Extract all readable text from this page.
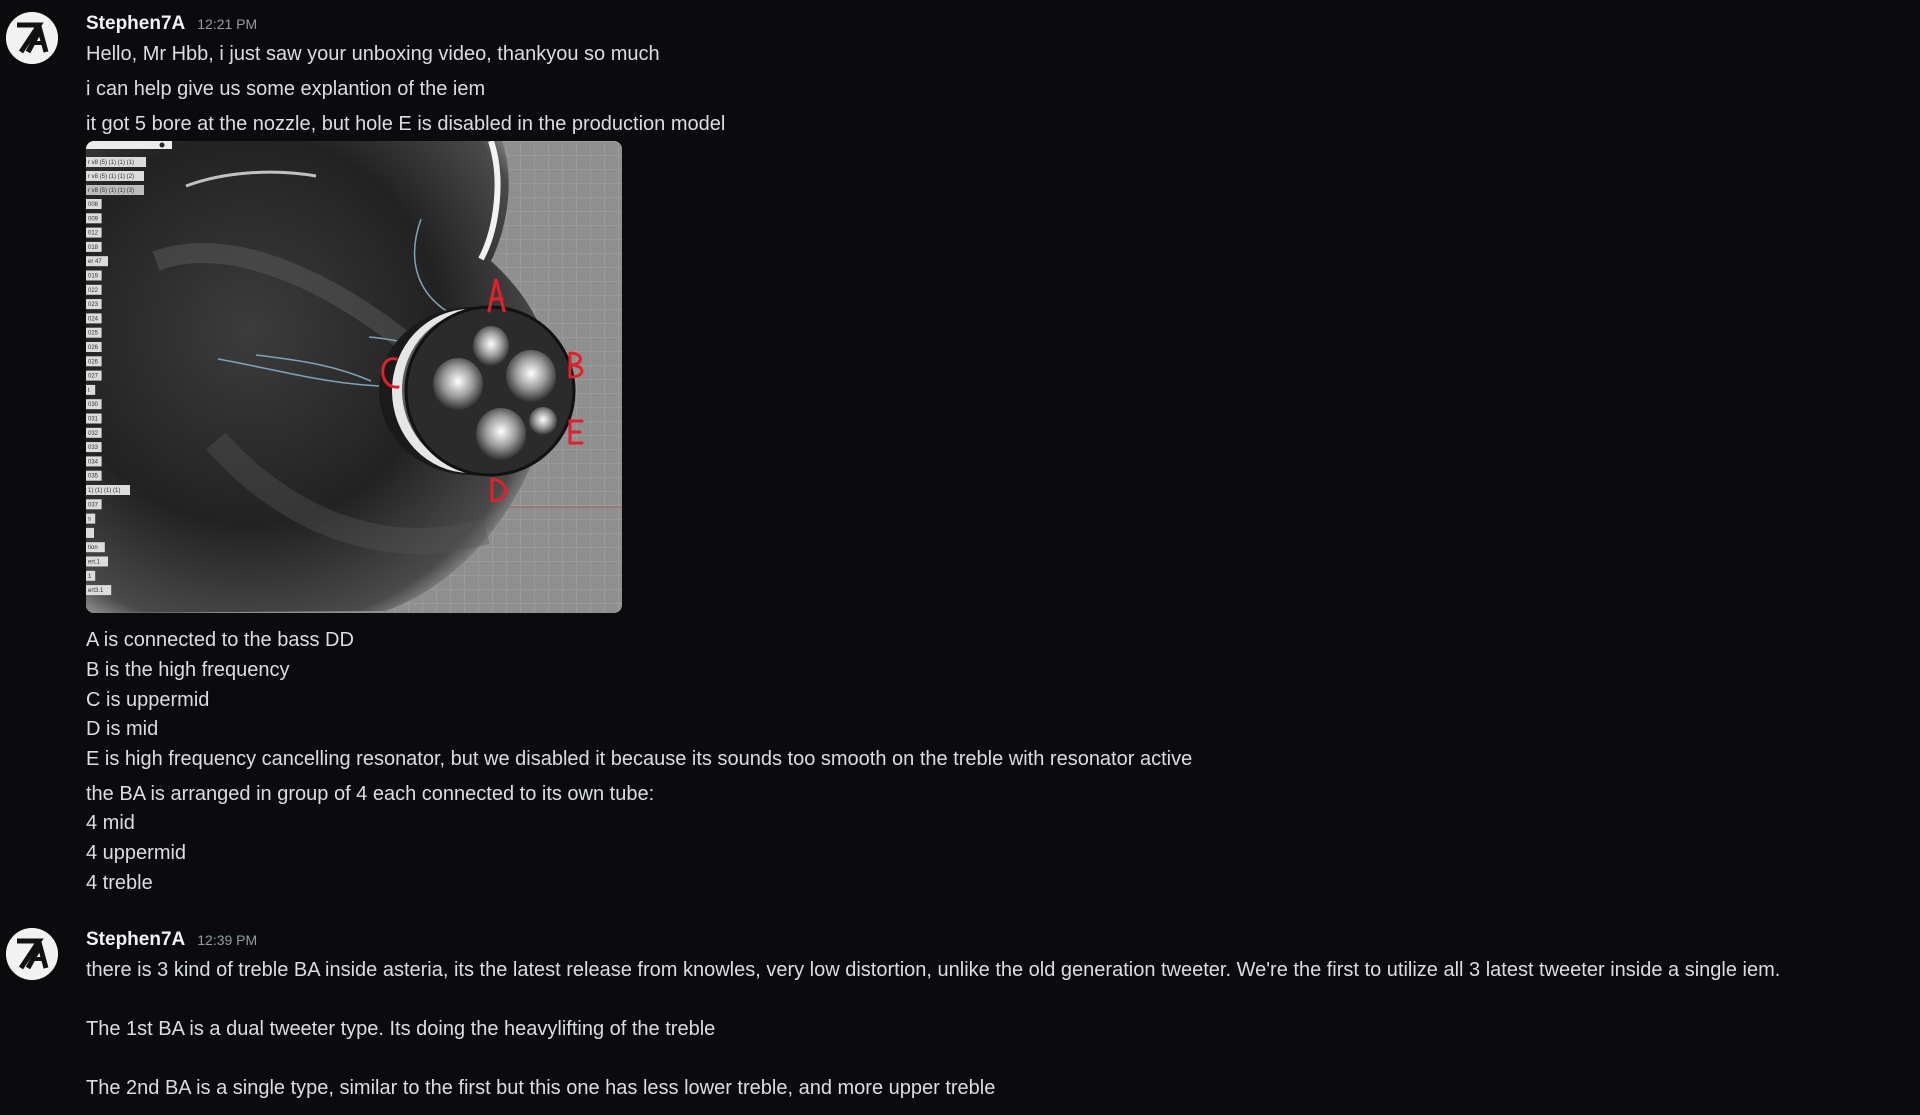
Stephen7A 12:21 PM
Hello, Mr Hbb, i just saw your unboxing video, thankyou so much
i can help give us some explantion of the iem
it got 5 bore at the nozzle, but hole E is disabled in the production model
r v8 (5) (1) (1) (1)
r v8 (5) (1) (1) (2)
r v8 (5) (1) (1) (3)
008
009
012
018
er 47
019
022
023
024
025
026
026
027
t
030
031
032
033
034
035
1) (1) (1) (1)
037
s
tion
ert.1
1
ert3.1
A is connected to the bass DD
B is the high frequency
C is uppermid
D is mid
E is high frequency cancelling resonator, but we disabled it because its sounds too smooth on the treble with resonator active
the BA is arranged in group of 4 each connected to its own tube:
4 mid
4 uppermid
4 treble
Stephen7A 12:39 PM
there is 3 kind of treble BA inside asteria, its the latest release from knowles, very low distortion, unlike the old generation tweeter. We're the first to utilize all 3 latest tweeter inside a single iem.
The 1st BA is a dual tweeter type. Its doing the heavylifting of the treble
The 2nd BA is a single type, similar to the first but this one has less lower treble, and more upper treble
